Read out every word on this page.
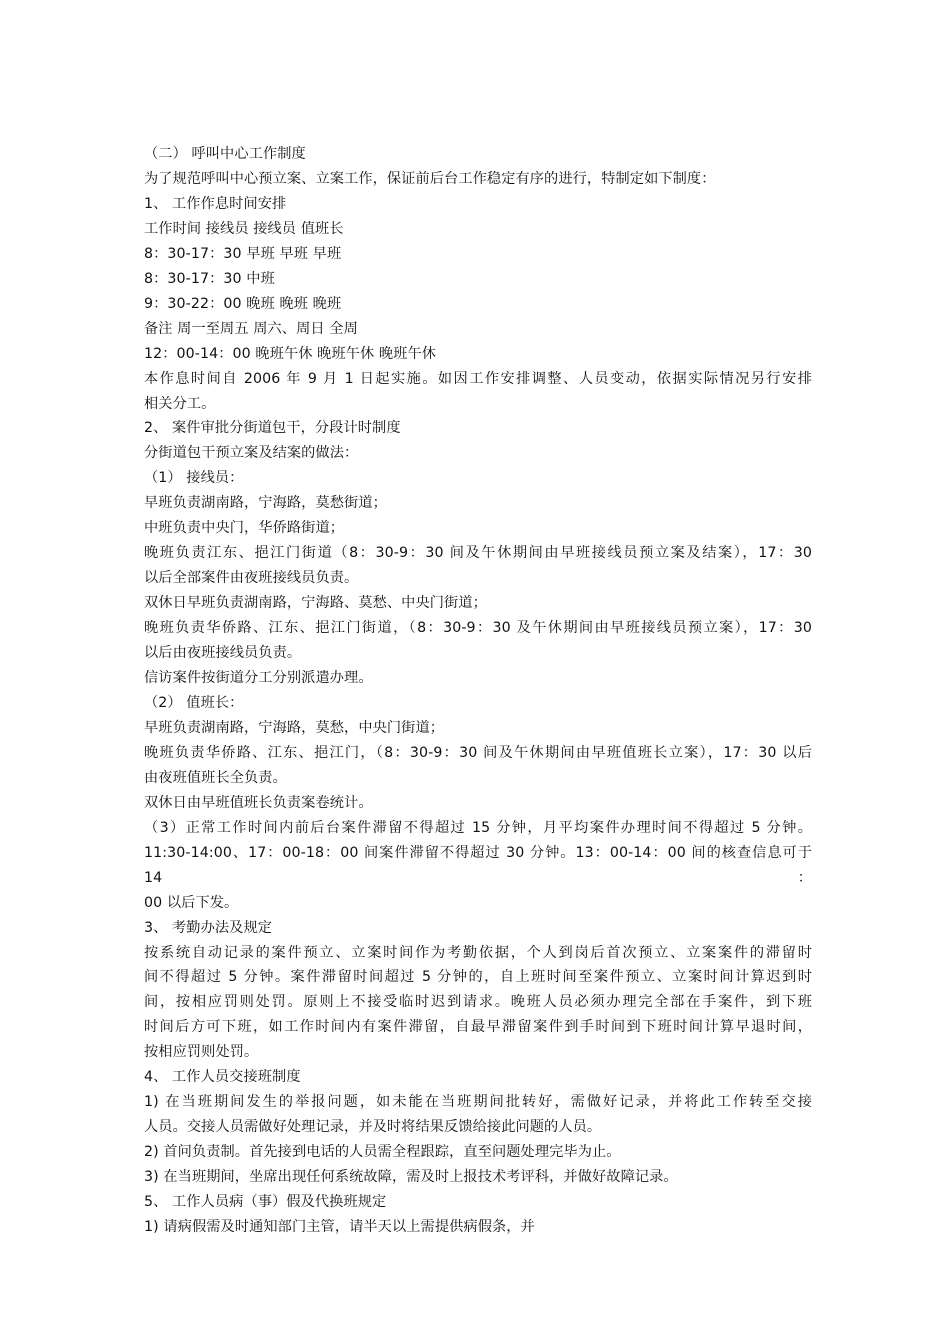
（二） 呼叫中心工作制度
为了规范呼叫中心预立案、立案工作，保证前后台工作稳定有序的进行，特制定如下制度：
1、 工作作息时间安排
工作时间 接线员 接线员 值班长
8：30-17：30 早班 早班 早班
8：30-17：30 中班
9：30-22：00 晚班 晚班 晚班
备注 周一至周五 周六、周日 全周
12：00-14：00 晚班午休 晚班午休 晚班午休
本作息时间自 2006 年 9 月 1 日起实施。如因工作安排调整、人员变动，依据实际情况另行安排
相关分工。
2、 案件审批分街道包干，分段计时制度
分街道包干预立案及结案的做法：
（1） 接线员：
早班负责湖南路，宁海路，莫愁街道；
中班负责中央门，华侨路街道；
晚班负责江东、挹江门街道（8：30-9：30 间及午休期间由早班接线员预立案及结案），17：30
以后全部案件由夜班接线员负责。
双休日早班负责湖南路，宁海路、莫愁、中央门街道；
晚班负责华侨路、江东、挹江门街道，（8：30-9：30 及午休期间由早班接线员预立案），17：30
以后由夜班接线员负责。
信访案件按街道分工分别派遣办理。
（2） 值班长：
早班负责湖南路，宁海路，莫愁，中央门街道；
晚班负责华侨路、江东、挹江门，（8：30-9：30 间及午休期间由早班值班长立案），17：30 以后
由夜班值班长全负责。
双休日由早班值班长负责案卷统计。
（3）正常工作时间内前后台案件滞留不得超过 15 分钟，月平均案件办理时间不得超过 5 分钟。
11:30-14:00、17：00-18：00 间案件滞留不得超过 30 分钟。13：00-14：00 间的核查信息可于 14：
00 以后下发。
3、 考勤办法及规定
按系统自动记录的案件预立、立案时间作为考勤依据，个人到岗后首次预立、立案案件的滞留时
间不得超过 5 分钟。案件滞留时间超过 5 分钟的，自上班时间至案件预立、立案时间计算迟到时
间，按相应罚则处罚。原则上不接受临时迟到请求。晚班人员必须办理完全部在手案件，到下班
时间后方可下班，如工作时间内有案件滞留，自最早滞留案件到手时间到下班时间计算早退时间，
按相应罚则处罚。
4、 工作人员交接班制度
1) 在当班期间发生的举报问题，如未能在当班期间批转好，需做好记录，并将此工作转至交接
人员。交接人员需做好处理记录，并及时将结果反馈给接此问题的人员。
2) 首问负责制。首先接到电话的人员需全程跟踪，直至问题处理完毕为止。
3) 在当班期间，坐席出现任何系统故障，需及时上报技术考评科，并做好故障记录。
5、 工作人员病（事）假及代换班规定
1) 请病假需及时通知部门主管，请半天以上需提供病假条，并
